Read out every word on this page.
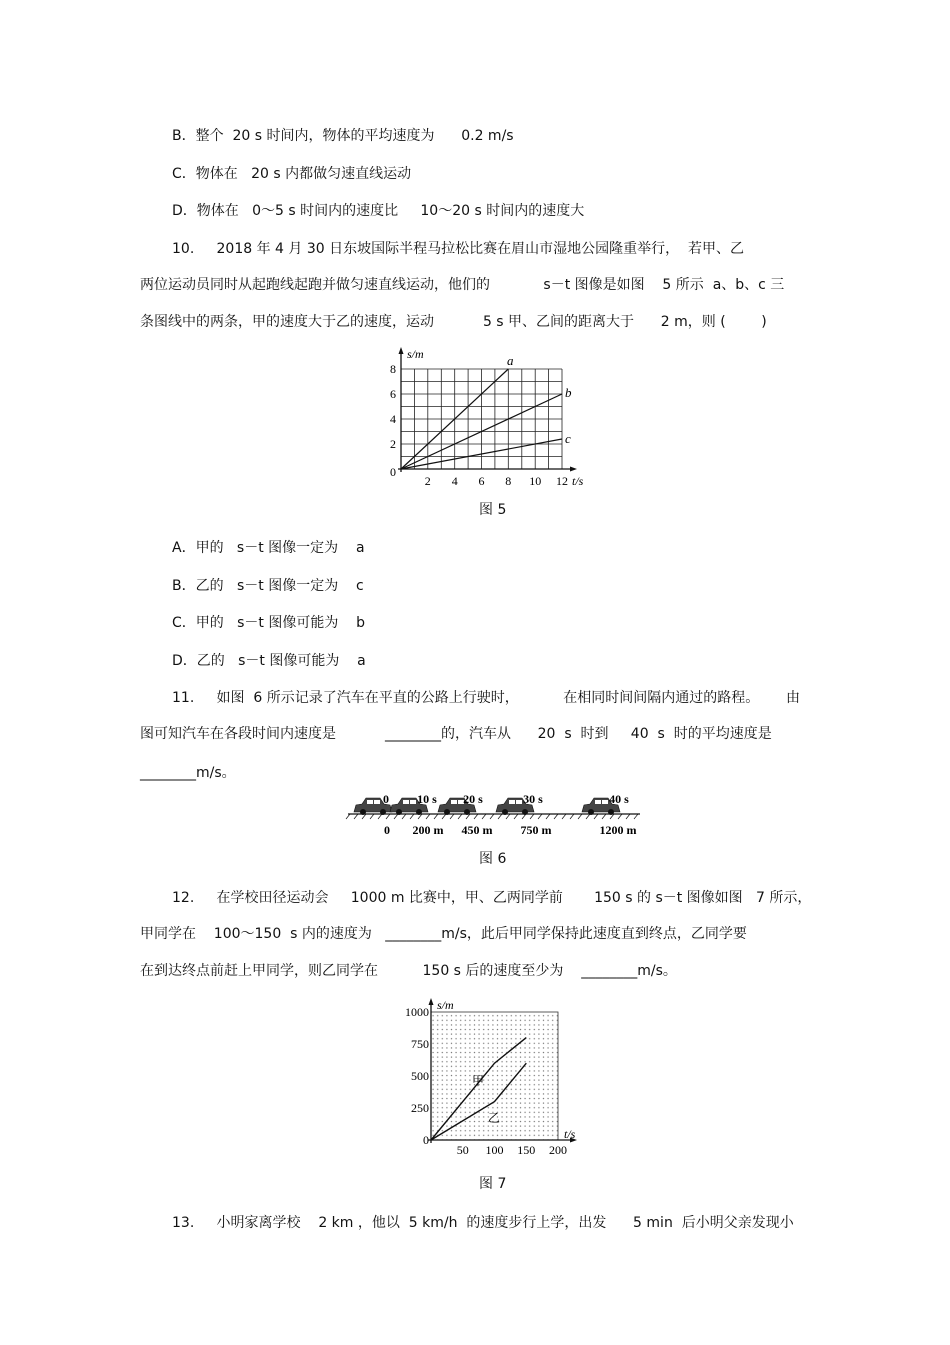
B．整个  20 s 时间内，物体的平均速度为      0.2 m/s
C．物体在   20 s 内都做匀速直线运动
D．物体在   0～5 s 时间内的速度比     10～20 s 时间内的速度大
10.     2018 年 4 月 30 日东坡国际半程马拉松比赛在眉山市湿地公园隆重举行，  若甲、乙
两位运动员同时从起跑线起跑并做匀速直线运动，他们的            s－t 图像是如图    5 所示  a、b、c 三
条图线中的两条，甲的速度大于乙的速度，运动           5 s 甲、乙间的距离大于      2 m，则 (        )
a
b
c
s/m
t/s
8
6
4
2
0
2 4 6 8 10 12
图 5
A．甲的   s－t 图像一定为    a
B．乙的   s－t 图像一定为    c
C．甲的   s－t 图像可能为    b
D．乙的   s－t 图像可能为    a
11.     如图  6 所示记录了汽车在平直的公路上行驶时，          在相同时间间隔内通过的路程。      由
图可知汽车在各段时间内速度是           ________的，汽车从      20  s  时到     40  s  时的平均速度是
________m/s。
0 10 s 20 s	30 s	40 s
0 200 m 450 m 750 m	1200 m
图 6
12.     在学校田径运动会     1000 m 比赛中，甲、乙两同学前       150 s 的 s－t 图像如图   7 所示，
甲同学在    100～150  s 内的速度为   ________m/s，此后甲同学保持此速度直到终点，乙同学要
在到达终点前赶上甲同学，则乙同学在          150 s 后的速度至少为    ________m/s。
甲
乙
s/m
t/s
1000
750
500
250
0
50 100 150 200
图 7
13.     小明家离学校    2 km ，他以  5 km/h  的速度步行上学，出发      5 min  后小明父亲发现小
